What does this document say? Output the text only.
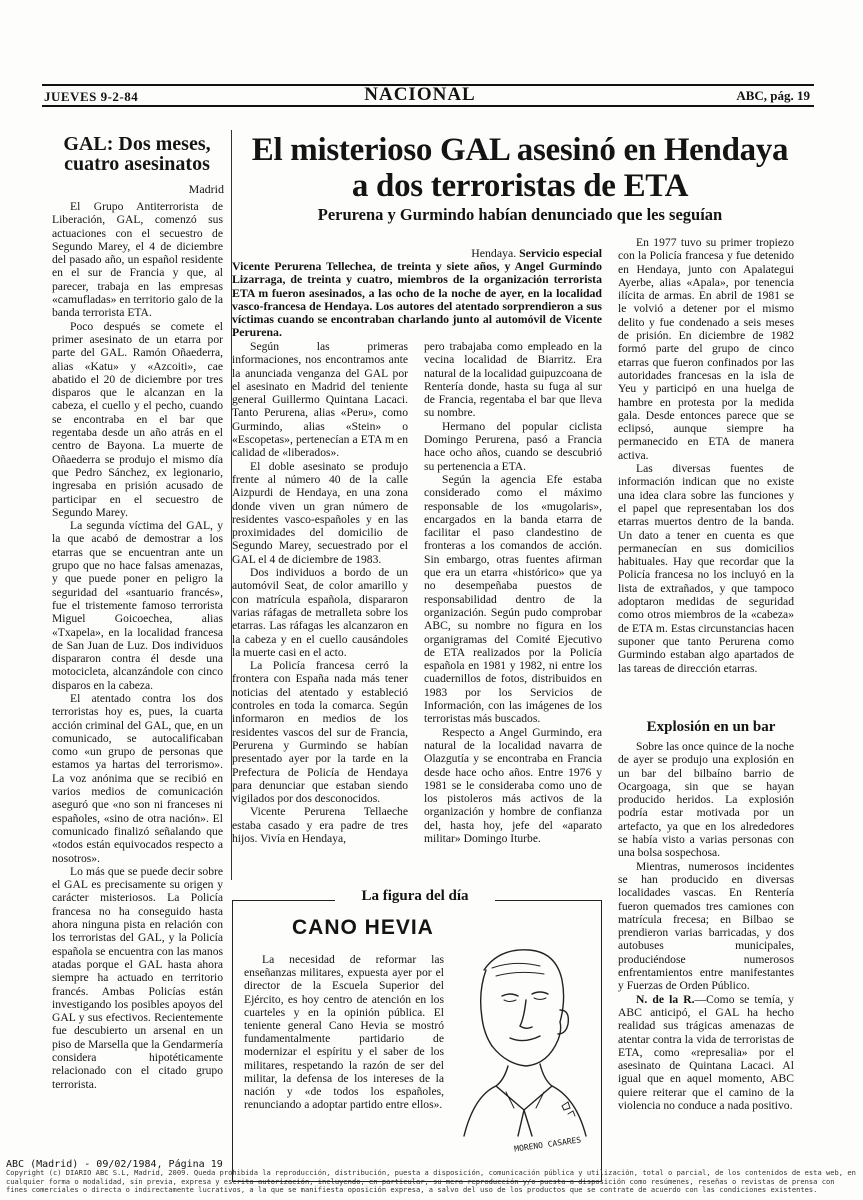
JUEVES 9-2-84	NACIONAL	ABC, pág. 19
GAL: Dos meses, cuatro asesinatos
Madrid

El Grupo Antiterrorista de Liberación, GAL, comenzó sus actuaciones con el secuestro de Segundo Marey, el 4 de diciembre del pasado año, un español residente en el sur de Francia y que, al parecer, trabaja en las empresas «camufladas» en territorio galo de la banda terrorista ETA.

Poco después se comete el primer asesinato de un etarra por parte del GAL. Ramón Oñaederra, alias «Katu» y «Azcoiti», cae abatido el 20 de diciembre por tres disparos que le alcanzan en la cabeza, el cuello y el pecho, cuando se encontraba en el bar que regentaba desde un año atrás en el centro de Bayona. La muerte de Oñaederra se produjo el mismo día que Pedro Sánchez, ex legionario, ingresaba en prisión acusado de participar en el secuestro de Segundo Marey.

La segunda víctima del GAL, y la que acabó de demostrar a los etarras que se encuentran ante un grupo que no hace falsas amenazas, y que puede poner en peligro la seguridad del «santuario francés», fue el tristemente famoso terrorista Miguel Goicoechea, alias «Txapela», en la localidad francesa de San Juan de Luz. Dos individuos dispararon contra él desde una motocicleta, alcanzándole con cinco disparos en la cabeza.

El atentado contra los dos terroristas hoy es, pues, la cuarta acción criminal del GAL, que, en un comunicado, se autocalificaban como «un grupo de personas que estamos ya hartas del terrorismo». La voz anónima que se recibió en varios medios de comunicación aseguró que «no son ni franceses ni españoles, «sino de otra nación». El comunicado finalizó señalando que «todos están equivocados respecto a nosotros».

Lo más que se puede decir sobre el GAL es precisamente su origen y carácter misteriosos. La Policía francesa no ha conseguido hasta ahora ninguna pista en relación con los terroristas del GAL, y la Policía española se encuentra con las manos atadas porque el GAL hasta ahora siempre ha actuado en territorio francés. Ambas Policías están investigando los posibles apoyos del GAL y sus efectivos. Recientemente fue descubierto un arsenal en un piso de Marsella que la Gendarmería considera hipotéticamente relacionado con el citado grupo terrorista.

El misterioso GAL asesinó en Hendaya
a dos terroristas de ETA
Perurena y Gurmindo habían denunciado que les seguían
Hendaya. Servicio especial
Vicente Perurena Tellechea, de treinta y siete años, y Angel Gurmindo Lizarraga, de treinta y cuatro, miembros de la organización terrorista ETA m fueron asesinados, a las ocho de la noche de ayer, en la localidad vasco-francesa de Hendaya. Los autores del atentado sorprendieron a sus víctimas cuando se encontraban charlando junto al automóvil de Vicente Perurena.

Según las primeras informaciones, nos encontramos ante la anunciada venganza del GAL por el asesinato en Madrid del teniente general Guillermo Quintana Lacaci. Tanto Perurena, alias «Peru», como Gurmindo, alias «Stein» o «Escopetas», pertenecían a ETA m en calidad de «liberados».

El doble asesinato se produjo frente al número 40 de la calle Aizpurdi de Hendaya, en una zona donde viven un gran número de residentes vasco-españoles y en las proximidades del domicilio de Segundo Marey, secuestrado por el GAL el 4 de diciembre de 1983.

Dos individuos a bordo de un automóvil Seat, de color amarillo y con matrícula española, dispararon varias ráfagas de metralleta sobre los etarras. Las ráfagas les alcanzaron en la cabeza y en el cuello causándoles la muerte casi en el acto.

La Policía francesa cerró la frontera con España nada más tener noticias del atentado y estableció controles en toda la comarca. Según informaron en medios de los residentes vascos del sur de Francia, Perurena y Gurmindo se habían presentado ayer por la tarde en la Prefectura de Policía de Hendaya para denunciar que estaban siendo vigilados por dos desconocidos.

Vicente Perurena Tellaeche estaba casado y era padre de tres hijos. Vivía en Hendaya,

pero trabajaba como empleado en la vecina localidad de Biarritz. Era natural de la localidad guipuzcoana de Rentería donde, hasta su fuga al sur de Francia, regentaba el bar que lleva su nombre.

Hermano del popular ciclista Domingo Perurena, pasó a Francia hace ocho años, cuando se descubrió su pertenencia a ETA.

Según la agencia Efe estaba considerado como el máximo responsable de los «mugolaris», encargados en la banda etarra de facilitar el paso clandestino de fronteras a los comandos de acción. Sin embargo, otras fuentes afirman que era un etarra «histórico» que ya no desempeñaba puestos de responsabilidad dentro de la organización. Según pudo comprobar ABC, su nombre no figura en los organigramas del Comité Ejecutivo de ETA realizados por la Policía española en 1981 y 1982, ni entre los cuadernillos de fotos, distribuidos en 1983 por los Servicios de Información, con las imágenes de los terroristas más buscados.

Respecto a Angel Gurmindo, era natural de la localidad navarra de Olazgutía y se encontraba en Francia desde hace ocho años. Entre 1976 y 1981 se le consideraba como uno de los pistoleros más activos de la organización y hombre de confianza del, hasta hoy, jefe del «aparato militar» Domingo Iturbe.

En 1977 tuvo su primer tropiezo con la Policía francesa y fue detenido en Hendaya, junto con Apalategui Ayerbe, alias «Apala», por tenencia ilícita de armas. En abril de 1981 se le volvió a detener por el mismo delito y fue condenado a seis meses de prisión. En diciembre de 1982 formó parte del grupo de cinco etarras que fueron confinados por las autoridades francesas en la isla de Yeu y participó en una huelga de hambre en protesta por la medida gala. Desde entonces parece que se eclipsó, aunque siempre ha permanecido en ETA de manera activa.

Las diversas fuentes de información indican que no existe una idea clara sobre las funciones y el papel que representaban los dos etarras muertos dentro de la banda. Un dato a tener en cuenta es que permanecían en sus domicilios habituales. Hay que recordar que la Policía francesa no los incluyó en la lista de extrañados, y que tampoco adoptaron medidas de seguridad como otros miembros de la «cabeza» de ETA m. Estas circunstancias hacen suponer que tanto Perurena como Gurmindo estaban algo apartados de las tareas de dirección etarras.

Explosión en un bar

Sobre las once quince de la noche de ayer se produjo una explosión en un bar del bilbaíno barrio de Ocargoaga, sin que se hayan producido heridos. La explosión podría estar motivada por un artefacto, ya que en los alrededores se había visto a varias personas con una bolsa sospechosa.

Mientras, numerosos incidentes se han producido en diversas localidades vascas. En Rentería fueron quemados tres camiones con matrícula frecesa; en Bilbao se prendieron varias barricadas, y dos autobuses municipales, produciéndose numerosos enfrentamientos entre manifestantes y Fuerzas de Orden Público.

N. de la R.—Como se temía, y ABC anticipó, el GAL ha hecho realidad sus trágicas amenazas de atentar contra la vida de terroristas de ETA, como «represalia» por el asesinato de Quintana Lacaci. Al igual que en aquel momento, ABC quiere reiterar que el camino de la violencia no conduce a nada positivo.

La figura del día
CANO HEVIA

La necesidad de reformar las enseñanzas militares, expuesta ayer por el director de la Escuela Superior del Ejército, es hoy centro de atención en los cuarteles y en la opinión pública. El teniente general Cano Hevia se mostró fundamentalmente partidario de modernizar el espíritu y el saber de los militares, respetando la razón de ser del militar, la defensa de los intereses de la nación y «de todos los españoles, renunciando a adoptar partido entre ellos».

MORENO CASARES
ABC (Madrid) - 09/02/1984, Página 19
Copyright (c) DIARIO ABC S.L, Madrid, 2009. Queda prohibida la reproducción, distribución, puesta a disposición, comunicación pública y utilización, total o parcial, de los contenidos de esta web, en cualquier forma o modalidad, sin previa, expresa y escrita autorización, incluyendo, en particular, su mera reproducción y/o puesta a disposición como resúmenes, reseñas o revistas de prensa con fines comerciales o directa o indirectamente lucrativos, a la que se manifiesta oposición expresa, a salvo del uso de los productos que se contrate de acuerdo con las condiciones existentes.
